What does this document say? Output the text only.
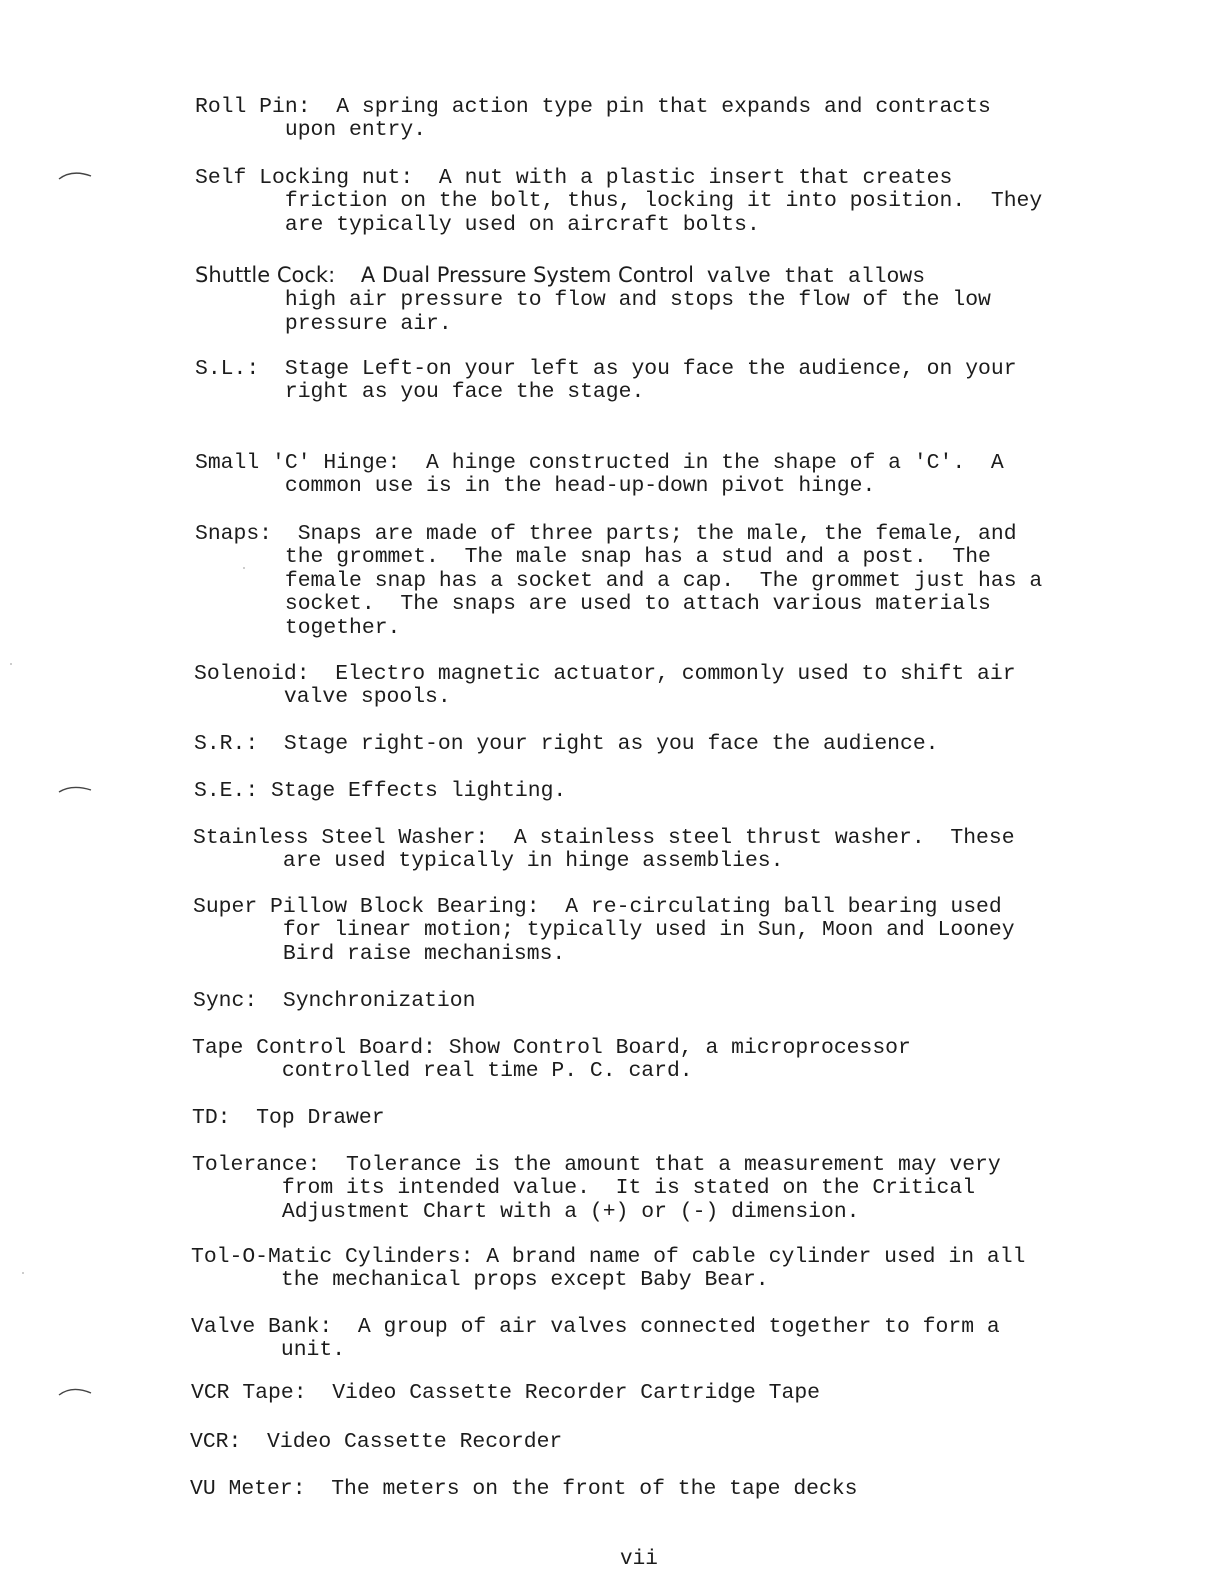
Roll Pin:  A spring action type pin that expands and contracts
upon entry.
Self Locking nut:  A nut with a plastic insert that creates
friction on the bolt, thus, locking it into position.  They
are typically used on aircraft bolts.
Shuttle Cock: A Dual Pressure System Control valve that allows
high air pressure to flow and stops the flow of the low
pressure air.
S.L.:  Stage Left-on your left as you face the audience, on your
right as you face the stage.
Small 'C' Hinge:  A hinge constructed in the shape of a 'C'.  A
common use is in the head-up-down pivot hinge.
Snaps:  Snaps are made of three parts; the male, the female, and
the grommet.  The male snap has a stud and a post.  The
female snap has a socket and a cap.  The grommet just has a
socket.  The snaps are used to attach various materials
together.
Solenoid:  Electro magnetic actuator, commonly used to shift air
valve spools.
S.R.:  Stage right-on your right as you face the audience.
S.E.: Stage Effects lighting.
Stainless Steel Washer:  A stainless steel thrust washer.  These
are used typically in hinge assemblies.
Super Pillow Block Bearing:  A re-circulating ball bearing used
for linear motion; typically used in Sun, Moon and Looney
Bird raise mechanisms.
Sync:  Synchronization
Tape Control Board: Show Control Board, a microprocessor
controlled real time P. C. card.
TD:  Top Drawer
Tolerance:  Tolerance is the amount that a measurement may very
from its intended value.  It is stated on the Critical
Adjustment Chart with a (+) or (-) dimension.
Tol-O-Matic Cylinders: A brand name of cable cylinder used in all
the mechanical props except Baby Bear.
Valve Bank:  A group of air valves connected together to form a
unit.
VCR Tape:  Video Cassette Recorder Cartridge Tape
VCR:  Video Cassette Recorder
VU Meter:  The meters on the front of the tape decks
vii
